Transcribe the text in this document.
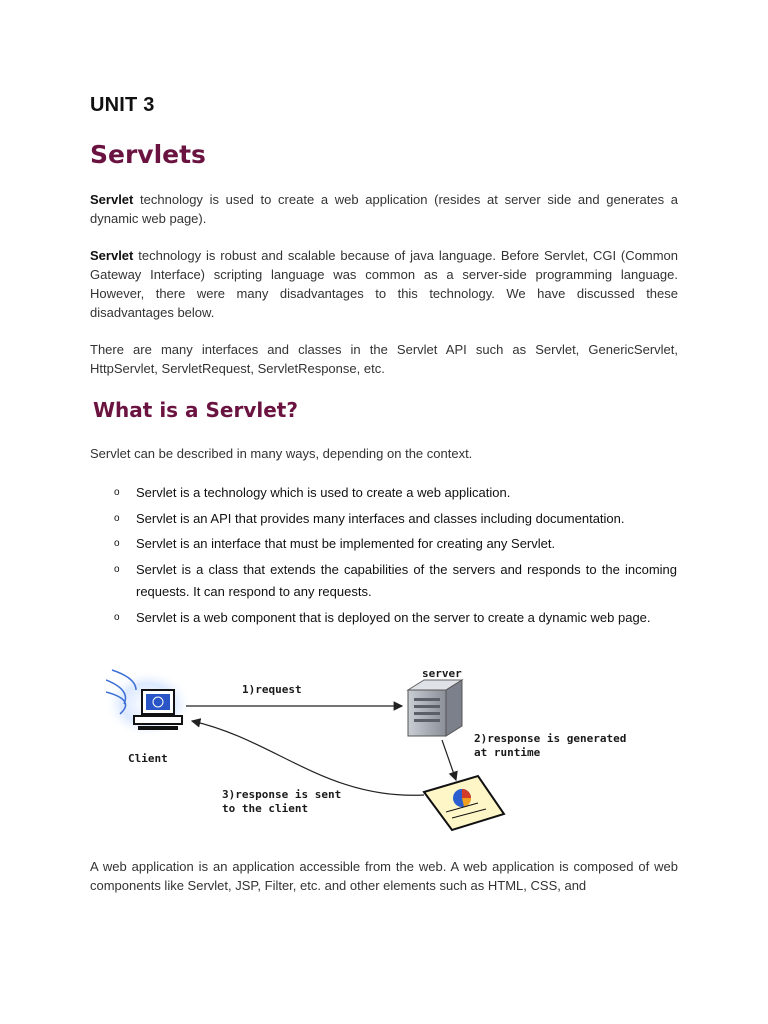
UNIT 3
Servlets

Servlet technology is used to create a web application (resides at server side and generates a dynamic web page).

Servlet technology is robust and scalable because of java language. Before Servlet, CGI (Common Gateway Interface) scripting language was common as a server-side programming language. However, there were many disadvantages to this technology. We have discussed these disadvantages below.

There are many interfaces and classes in the Servlet API such as Servlet, GenericServlet, HttpServlet, ServletRequest, ServletResponse, etc.

What is a Servlet?

Servlet can be described in many ways, depending on the context.

o Servlet is a technology which is used to create a web application.
o Servlet is an API that provides many interfaces and classes including documentation.
o Servlet is an interface that must be implemented for creating any Servlet.
o Servlet is a class that extends the capabilities of the servers and responds to the incoming requests. It can respond to any requests.
o Servlet is a web component that is deployed on the server to create a dynamic web page.

A web application is an application accessible from the web. A web application is composed of web components like Servlet, JSP, Filter, etc. and other elements such as HTML, CSS, and

Client
1)request
server
2)response is generated
at runtime
3)response is sent
to the client
